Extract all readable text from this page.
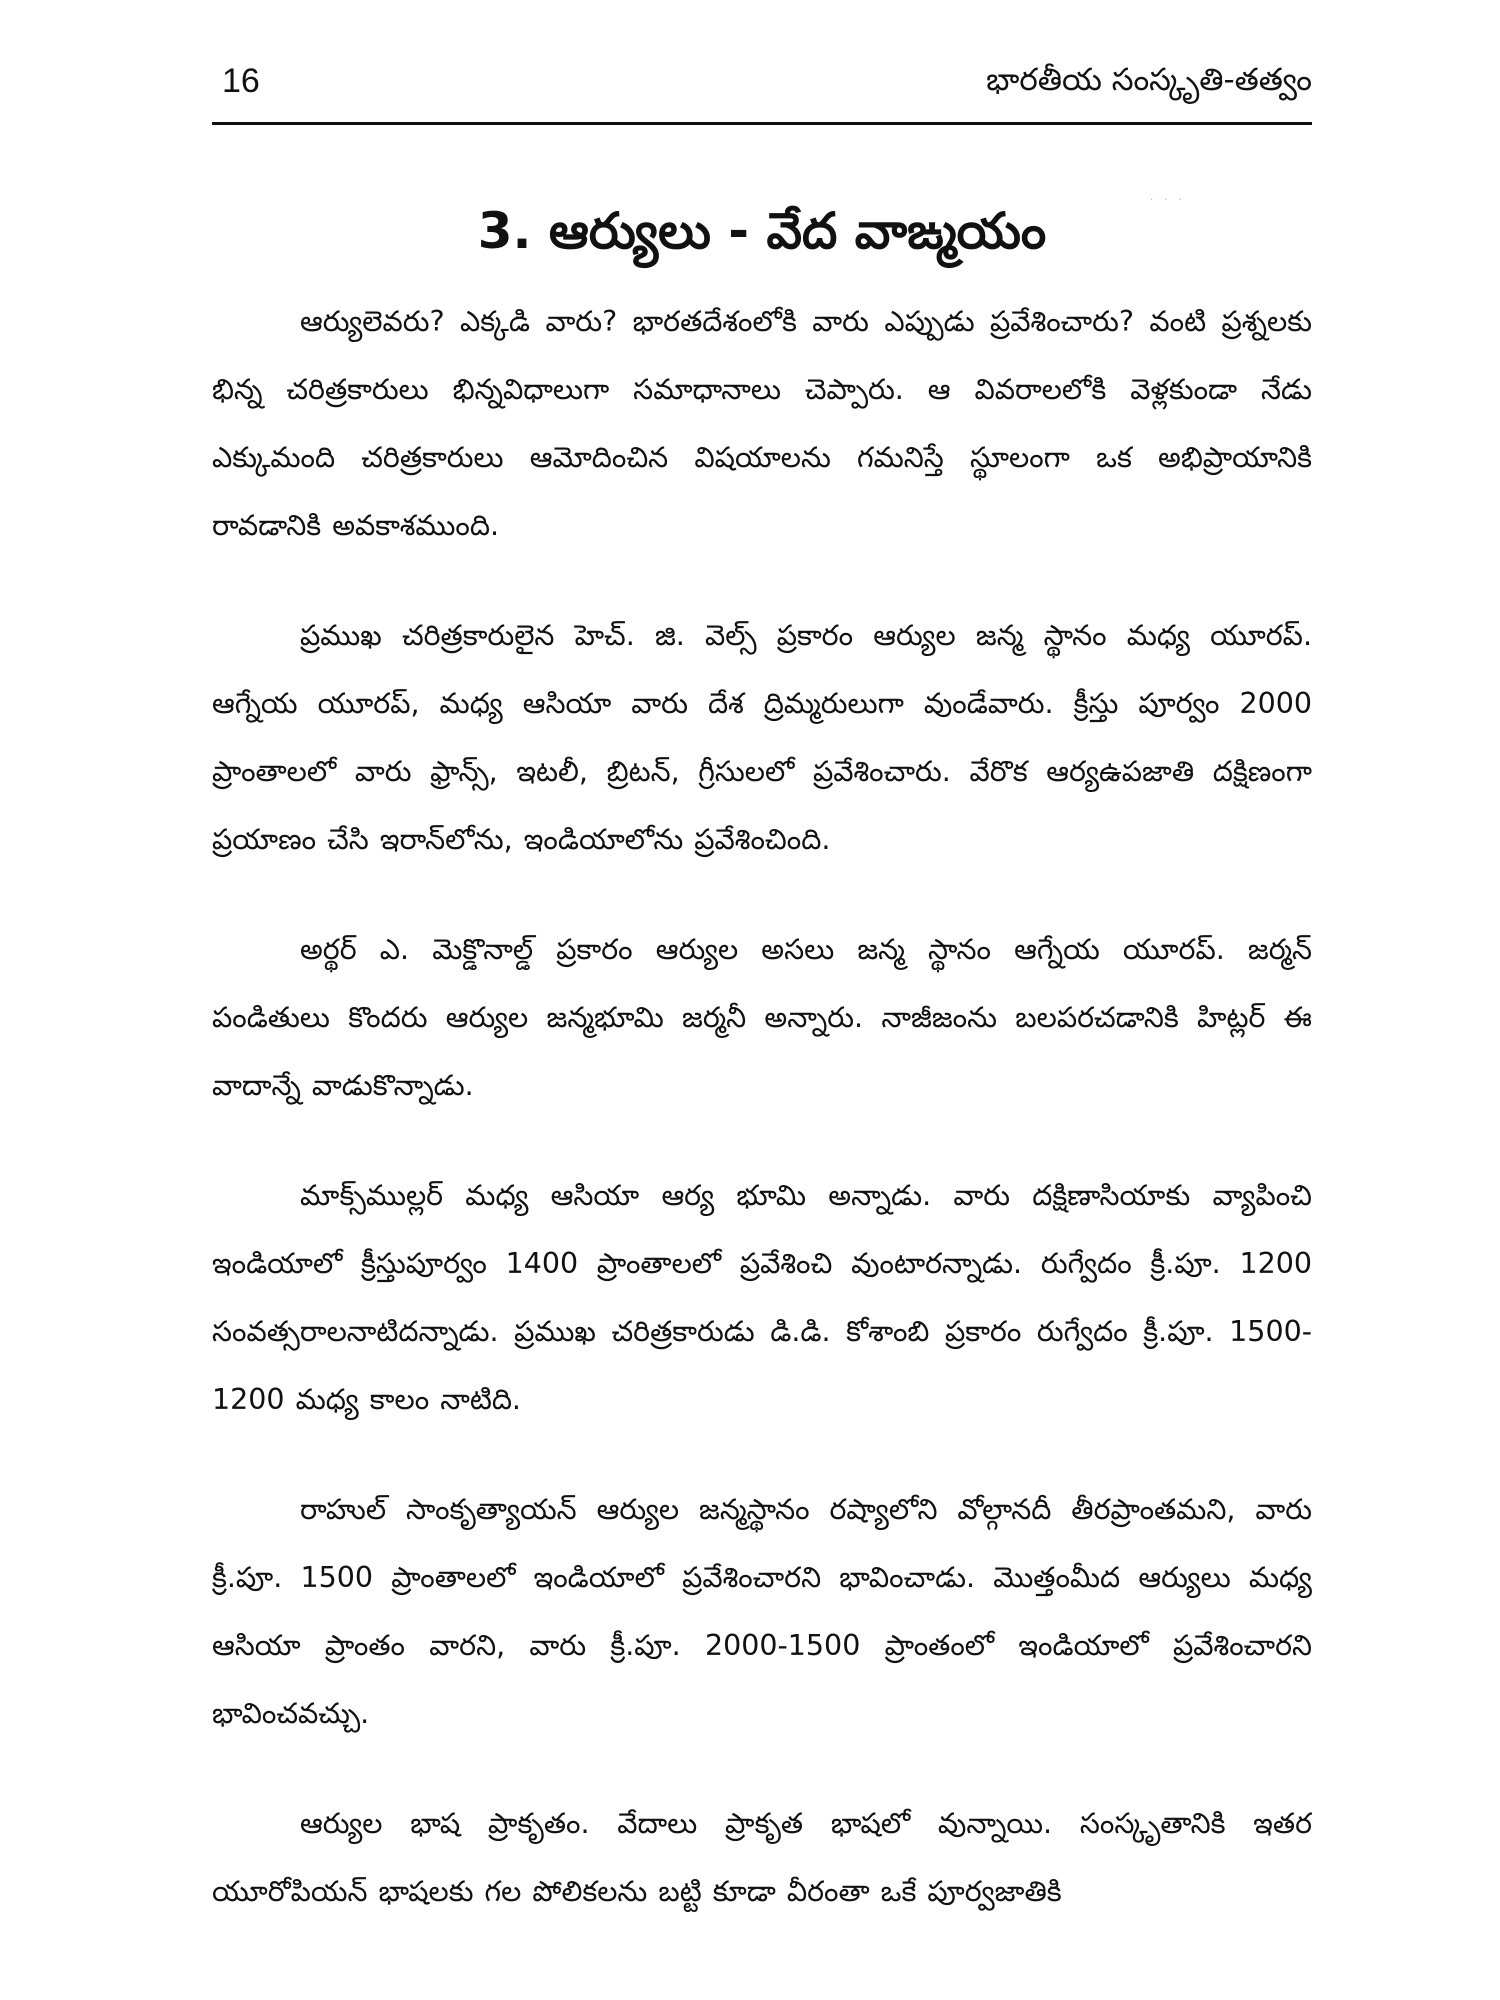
16	భారతీయ సంస్కృతి-తత్వం
3. ఆర్యులు - వేద వాఙ్మయం
· · ·

ఆర్యులెవరు? ఎక్కడి వారు? భారతదేశంలోకి వారు ఎప్పుడు ప్రవేశించారు? వంటి ప్రశ్నలకు భిన్న చరిత్రకారులు భిన్నవిధాలుగా సమాధానాలు చెప్పారు. ఆ వివరాలలోకి వెళ్లకుండా నేడు ఎక్కుమంది చరిత్రకారులు ఆమోదించిన విషయాలను గమనిస్తే స్థూలంగా ఒక అభిప్రాయానికి రావడానికి అవకాశముంది.

ప్రముఖ చరిత్రకారులైన హెచ్. జి. వెల్స్ ప్రకారం ఆర్యుల జన్మ స్థానం మధ్య యూరప్. ఆగ్నేయ యూరప్, మధ్య ఆసియా వారు దేశ ద్రిమ్మరులుగా వుండేవారు. క్రీస్తు పూర్వం 2000 ప్రాంతాలలో వారు ఫ్రాన్స్, ఇటలీ, బ్రిటన్, గ్రీసులలో ప్రవేశించారు. వేరొక ఆర్యఉపజాతి దక్షిణంగా ప్రయాణం చేసి ఇరాన్‌లోను, ఇండియాలోను ప్రవేశించింది.

అర్థర్ ఎ. మెక్డొనాల్డ్ ప్రకారం ఆర్యుల అసలు జన్మ స్థానం ఆగ్నేయ యూరప్. జర్మన్ పండితులు కొందరు ఆర్యుల జన్మభూమి జర్మనీ అన్నారు. నాజీజంను బలపరచడానికి హిట్లర్ ఈ వాదాన్నే వాడుకొన్నాడు.

మాక్స్‌ముల్లర్ మధ్య ఆసియా ఆర్య భూమి అన్నాడు. వారు దక్షిణాసియాకు వ్యాపించి ఇండియాలో క్రీస్తుపూర్వం 1400 ప్రాంతాలలో ప్రవేశించి వుంటారన్నాడు. రుగ్వేదం క్రీ.పూ. 1200 సంవత్సరాలనాటిదన్నాడు. ప్రముఖ చరిత్రకారుడు డి.డి. కోశాంబి ప్రకారం రుగ్వేదం క్రీ.పూ. 1500-1200 మధ్య కాలం నాటిది.

రాహుల్ సాంకృత్యాయన్ ఆర్యుల జన్మస్థానం రష్యాలోని వోల్గానదీ తీరప్రాంతమని, వారు క్రీ.పూ. 1500 ప్రాంతాలలో ఇండియాలో ప్రవేశించారని భావించాడు. మొత్తంమీద ఆర్యులు మధ్య ఆసియా ప్రాంతం వారని, వారు క్రీ.పూ. 2000-1500 ప్రాంతంలో ఇండియాలో ప్రవేశించారని భావించవచ్చు.

ఆర్యుల భాష ప్రాకృతం. వేదాలు ప్రాకృత భాషలో వున్నాయి. సంస్కృతానికి ఇతర యూరోపియన్ భాషలకు గల పోలికలను బట్టి కూడా వీరంతా ఒకే పూర్వజాతికి
